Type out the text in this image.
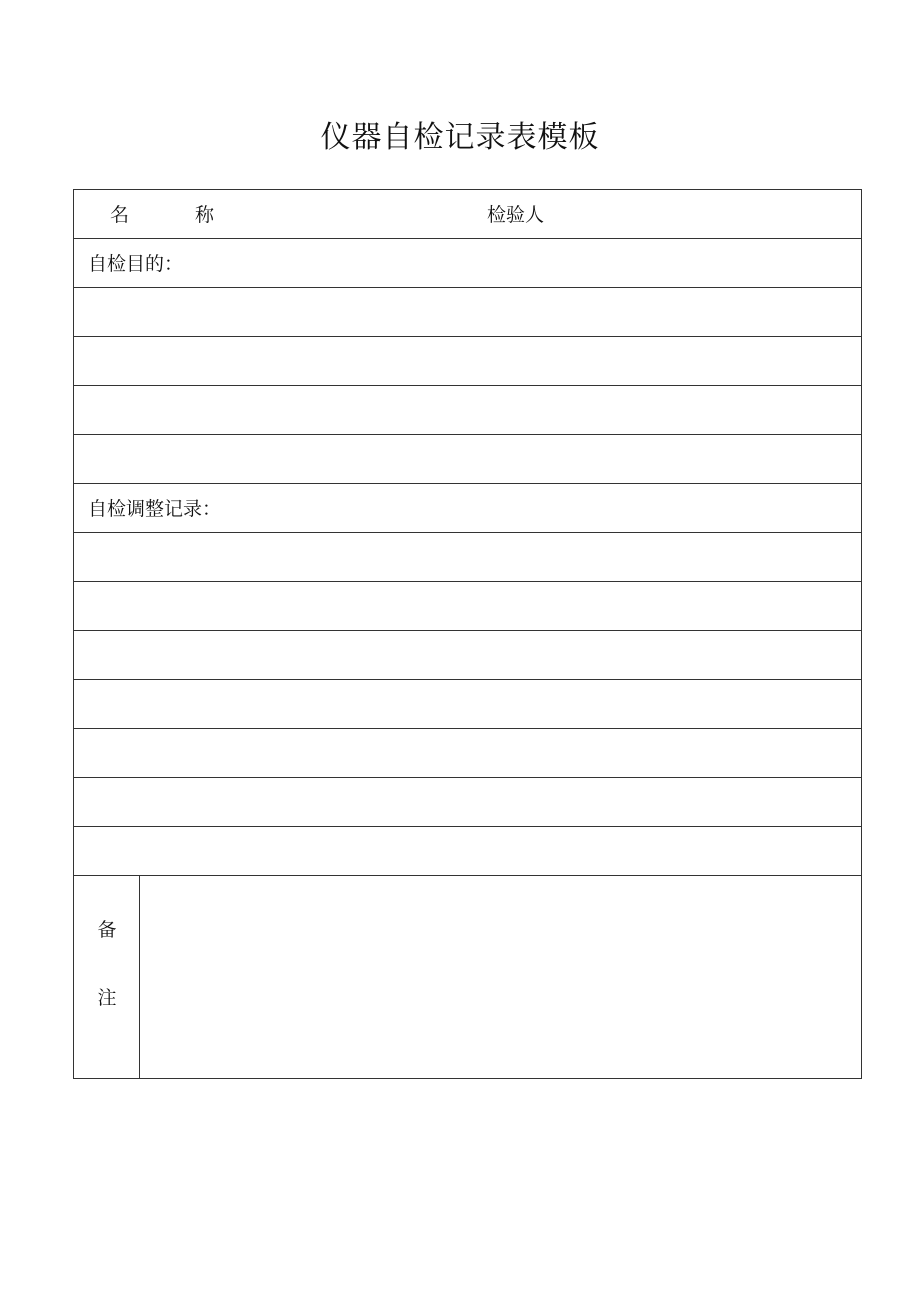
仪器自检记录表模板
名	称	检验人
自检目的：
自检调整记录：
备
注
